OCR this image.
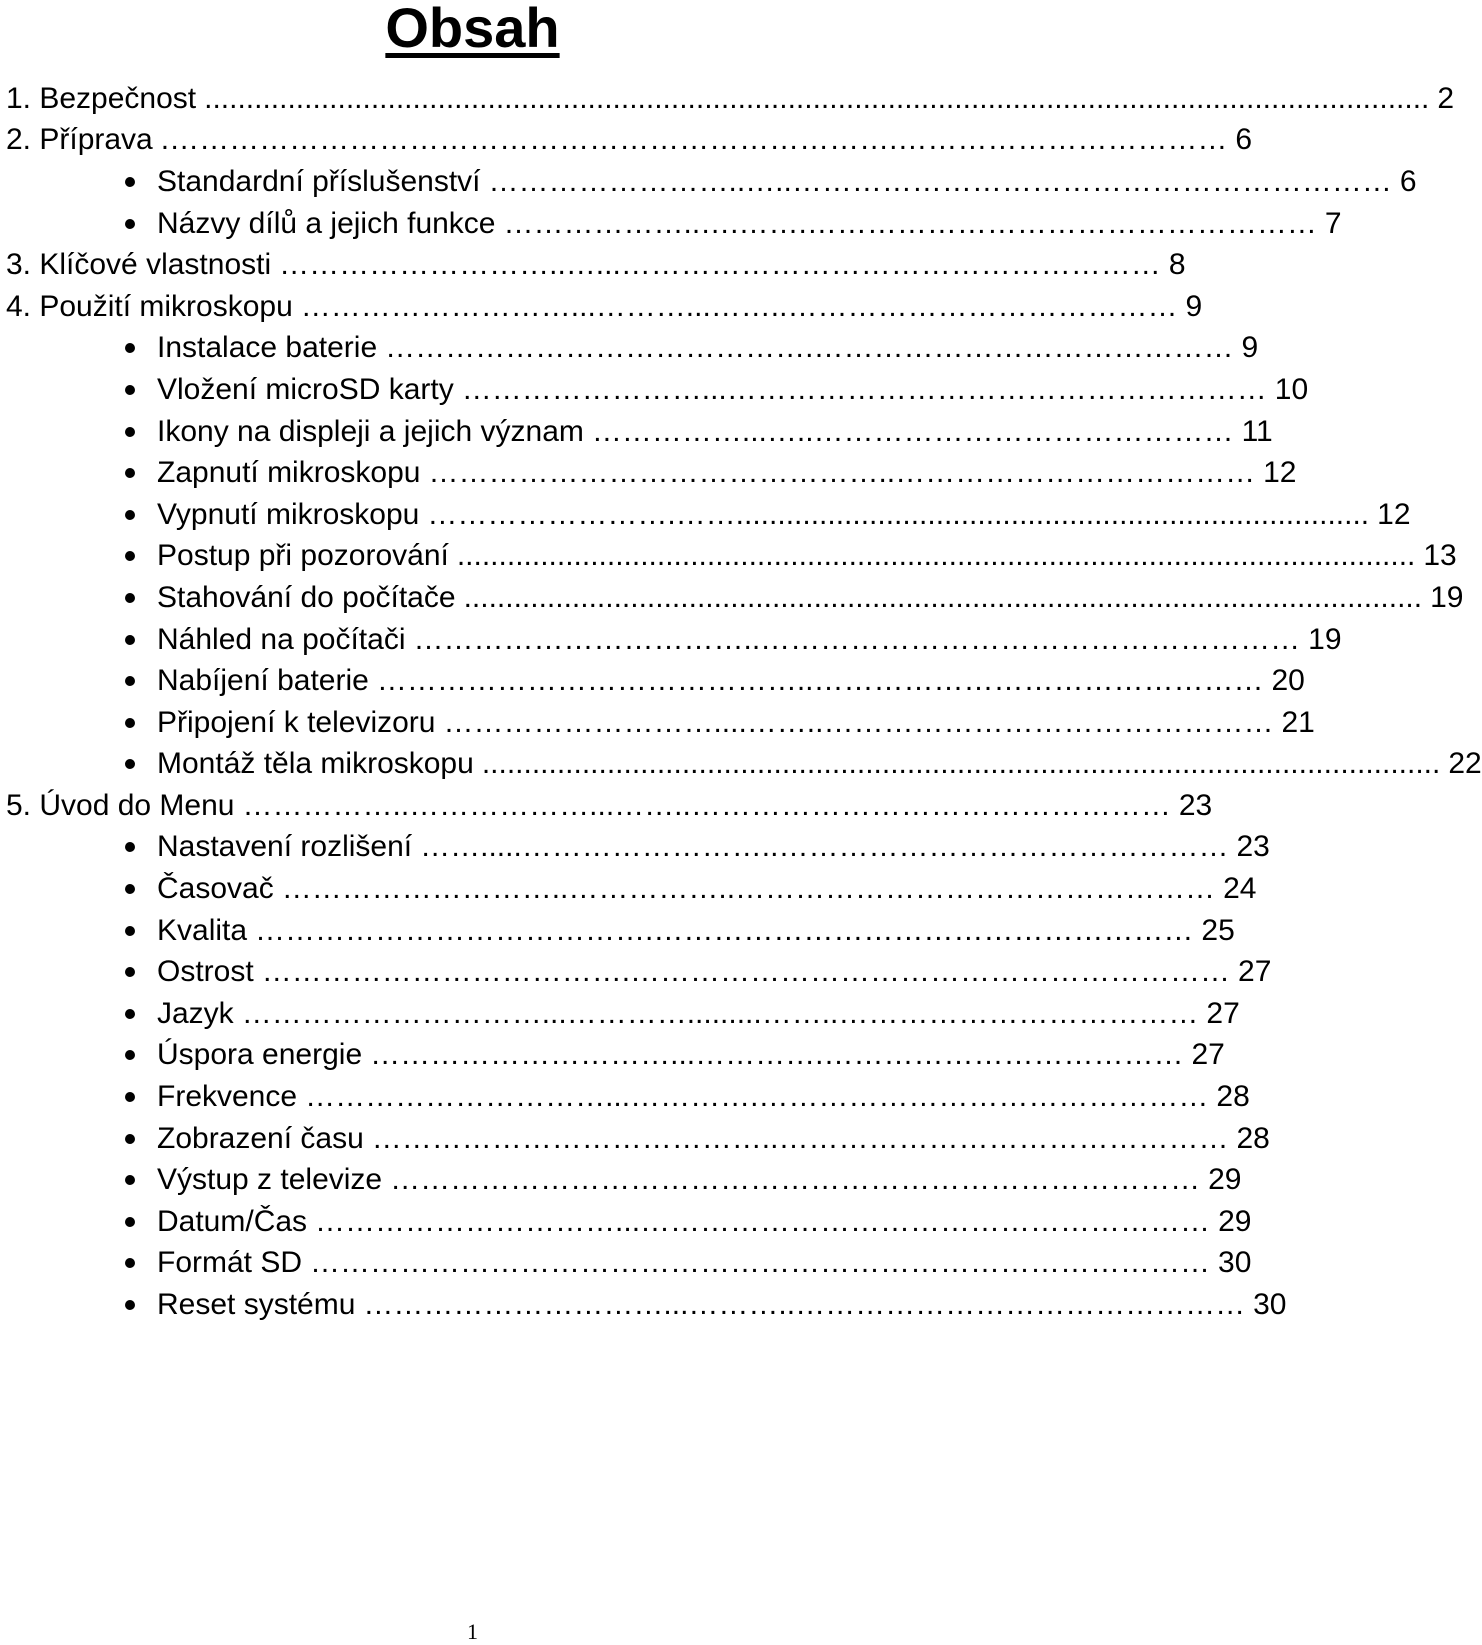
Obsah
1. Bezpečnost ................................................................................................................................................... 2
2. Příprava .……………………………………………………………….…………………………… 6
Standardní příslušenství ……………………..…..…………………………………………………… 6
Názvy dílů a jejich funkce ………………..….…….…………………………………………… 7
3. Klíčové vlastnosti ………………………..…...……………………………………………… 8
4. Použití mikroskopu ………………………...………...……..………………………………… 9
Instalace baterie …………………………………….…………………………………… 9
Vložení microSD karty ……………………...……………………………………………… 10
Ikony na displeji a jejich význam ……………...…..…………………………………… 11
Zapnutí mikroskopu ………………………………………..……………………………… 12
Vypnutí mikroskopu …………………….……............................................................................ 12
Postup při pozorování ................................................................................................................... 13
Stahování do počítače ................................................................................................................... 19
Náhled na počítači ……………………………..……………………………………………… 19
Nabíjení baterie ……………………………………..……………………………………… 20
Připojení k televizoru ………………………....……..……………………………………… 21
Montáž těla mikroskopu ................................................................................................................... 22
5. Úvod do Menu ……………..………………...……..………………………………………… 23
Nastavení rozlišení …….....……………………..……………………………………… 23
Časovač ………………………..……………..………………………………………… 24
Kvalita ………………………………….……………………………………………… 25
Ostrost ……………………………….…………………………………………………… 27
Jazyk …………………………...………….........……..……………………………… 27
Úspora energie …………………………...………….……………………………… 27
Frekvence …………………………...………….……………………………………… 28
Zobrazení času …………………………………..……………………………………… 28
Výstup z televize ……………………………………………………………………… 29
Datum/Čas …………………………...………………………………………………… 29
Formát SD ……………………………………………………………………………… 30
Reset systému …………………………...………..……………………………………… 30
1
